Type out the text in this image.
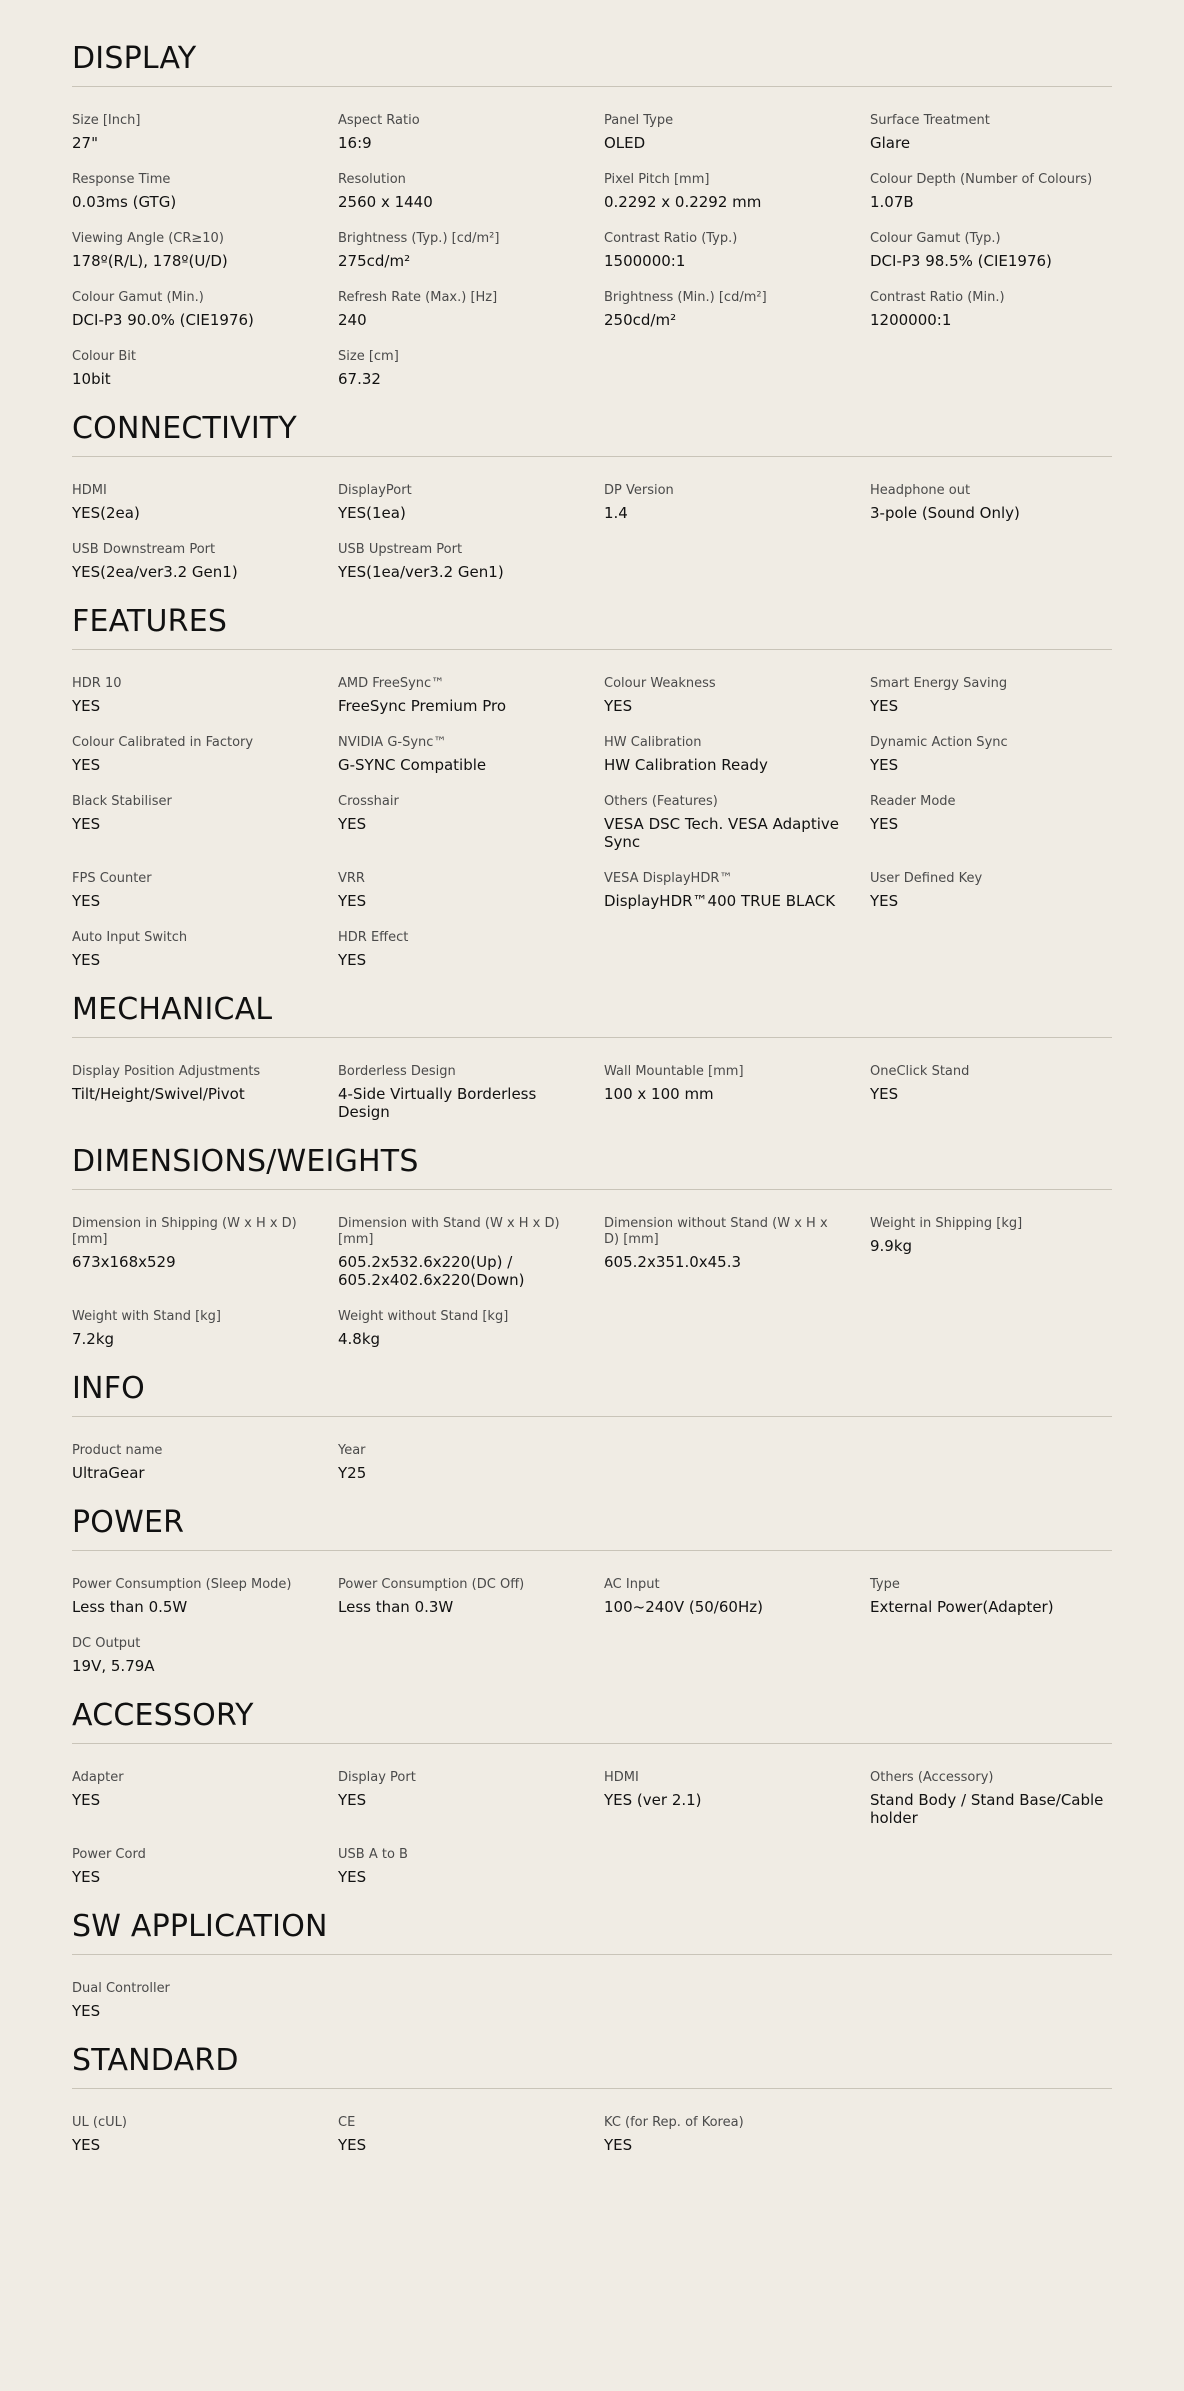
DISPLAY
Size [Inch]
27"
Aspect Ratio
16:9
Panel Type
OLED
Surface Treatment
Glare
Response Time
0.03ms (GTG)
Resolution
2560 x 1440
Pixel Pitch [mm]
0.2292 x 0.2292 mm
Colour Depth (Number of Colours)
1.07B
Viewing Angle (CR≥10)
178º(R/L), 178º(U/D)
Brightness (Typ.) [cd/m²]
275cd/m²
Contrast Ratio (Typ.)
1500000:1
Colour Gamut (Typ.)
DCI-P3 98.5% (CIE1976)
Colour Gamut (Min.)
DCI-P3 90.0% (CIE1976)
Refresh Rate (Max.) [Hz]
240
Brightness (Min.) [cd/m²]
250cd/m²
Contrast Ratio (Min.)
1200000:1
Colour Bit
10bit
Size [cm]
67.32
CONNECTIVITY
HDMI
YES(2ea)
DisplayPort
YES(1ea)
DP Version
1.4
Headphone out
3-pole (Sound Only)
USB Downstream Port
YES(2ea/ver3.2 Gen1)
USB Upstream Port
YES(1ea/ver3.2 Gen1)
FEATURES
HDR 10
YES
AMD FreeSync™
FreeSync Premium Pro
Colour Weakness
YES
Smart Energy Saving
YES
Colour Calibrated in Factory
YES
NVIDIA G-Sync™
G-SYNC Compatible
HW Calibration
HW Calibration Ready
Dynamic Action Sync
YES
Black Stabiliser
YES
Crosshair
YES
Others (Features)
VESA DSC Tech. VESA Adaptive Sync
Reader Mode
YES
FPS Counter
YES
VRR
YES
VESA DisplayHDR™
DisplayHDR™400 TRUE BLACK
User Defined Key
YES
Auto Input Switch
YES
HDR Effect
YES
MECHANICAL
Display Position Adjustments
Tilt/Height/Swivel/Pivot
Borderless Design
4-Side Virtually Borderless Design
Wall Mountable [mm]
100 x 100 mm
OneClick Stand
YES
DIMENSIONS/WEIGHTS
Dimension in Shipping (W x H x D) [mm]
673x168x529
Dimension with Stand (W x H x D) [mm]
605.2x532.6x220(Up) / 605.2x402.6x220(Down)
Dimension without Stand (W x H x D) [mm]
605.2x351.0x45.3
Weight in Shipping [kg]
9.9kg
Weight with Stand [kg]
7.2kg
Weight without Stand [kg]
4.8kg
INFO
Product name
UltraGear
Year
Y25
POWER
Power Consumption (Sleep Mode)
Less than 0.5W
Power Consumption (DC Off)
Less than 0.3W
AC Input
100~240V (50/60Hz)
Type
External Power(Adapter)
DC Output
19V, 5.79A
ACCESSORY
Adapter
YES
Display Port
YES
HDMI
YES (ver 2.1)
Others (Accessory)
Stand Body / Stand Base/Cable holder
Power Cord
YES
USB A to B
YES
SW APPLICATION
Dual Controller
YES
STANDARD
UL (cUL)
YES
CE
YES
KC (for Rep. of Korea)
YES
